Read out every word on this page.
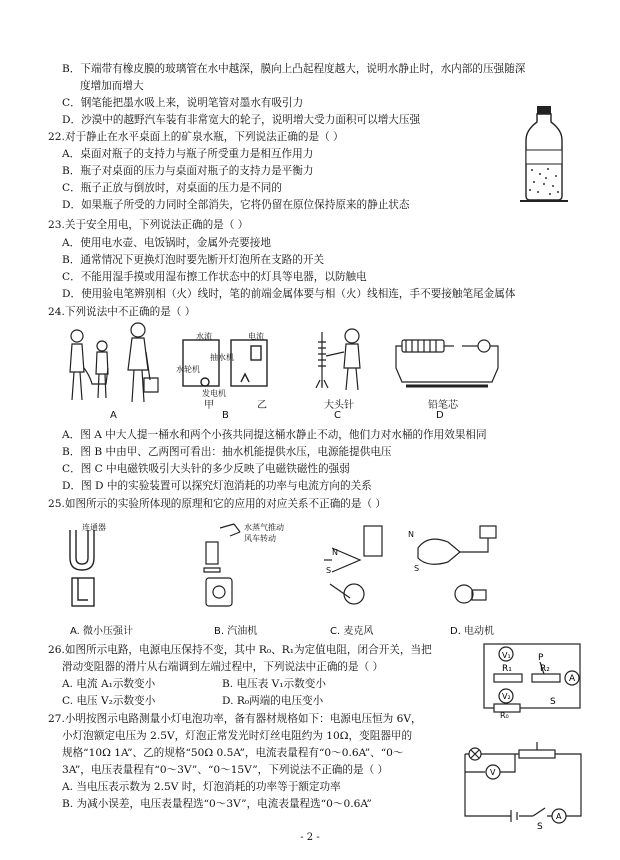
B．下端带有橡皮膜的玻璃管在水中越深，膜向上凸起程度越大，说明水静止时，水内部的压强随深
度增加而增大
C．钢笔能把墨水吸上来，说明笔管对墨水有吸引力
D．沙漠中的越野汽车装有非常宽大的轮子，说明增大受力面积可以增大压强
22.对于静止在水平桌面上的矿泉水瓶，下列说法正确的是（ ）
A．桌面对瓶子的支持力与瓶子所受重力是相互作用力
B．瓶子对桌面的压力与桌面对瓶子的支持力是平衡力
C．瓶子正放与倒放时，对桌面的压力是不同的
D．如果瓶子所受的力同时全部消失，它将仍留在原位保持原来的静止状态
23.关于安全用电，下列说法正确的是（ ）
A．使用电水壶、电饭锅时，金属外壳要接地
B．通常情况下更换灯泡时要先断开灯泡所在支路的开关
C．不能用湿手摸或用湿布擦工作状态中的灯具等电器，以防触电
D．使用验电笔辨别相（火）线时，笔的前端金属体要与相（火）线相连，手不要接触笔尾金属体
24.下列说法中不正确的是（ ）
水流	电流
抽水机
水轮机
发电机
A
甲
B
乙	大头针
C
铅笔芯
D
A．图 A 中大人提一桶水和两个小孩共同提这桶水静止不动，他们力对水桶的作用效果相同
B．图 B 中由甲、乙两图可看出：抽水机能提供水压，电源能提供电压
C．图 C 中电磁铁吸引大头针的多少反映了电磁铁磁性的强弱
D．图 D 中的实验装置可以探究灯泡消耗的功率与电流方向的关系
25.如图所示的实验所体现的原理和它的应用的对应关系不正确的是（ ）
连通器	水蒸气推动
风车转动
N
S
N
S
A. 微小压强计	B. 汽油机	C. 麦克风	D. 电动机
26.如图所示电路，电源电压保持不变，其中 R₀、R₁为定值电阻，闭合开关，当把
滑动变阻器的滑片从右端调到左端过程中，下列说法中正确的是（ ）
A. 电流 A₁示数变小	B. 电压表 V₁示数变小
C. 电压 V₂示数变小	D. R₀两端的电压变小
V₁	P
R₁	R₂
A
V₂
R₀
S
27.小明按图示电路测量小灯电泡功率，备有器材规格如下：电源电压恒为 6V，
小灯泡额定电压为 2.5V，灯泡正常发光时灯丝电阻约为 10Ω，变阻器甲的
规格“10Ω 1A”、乙的规格“50Ω 0.5A”，电流表量程有“0～0.6A”、“0～
3A”，电压表量程有“0～3V”、“0～15V”，下列说法不正确的是（ ）
A. 当电压表示数为 2.5V 时，灯泡消耗的功率等于额定功率
B. 为减小误差，电压表量程选“0～3V”，电流表量程选“0～0.6A”
V
A
S
- 2 -
